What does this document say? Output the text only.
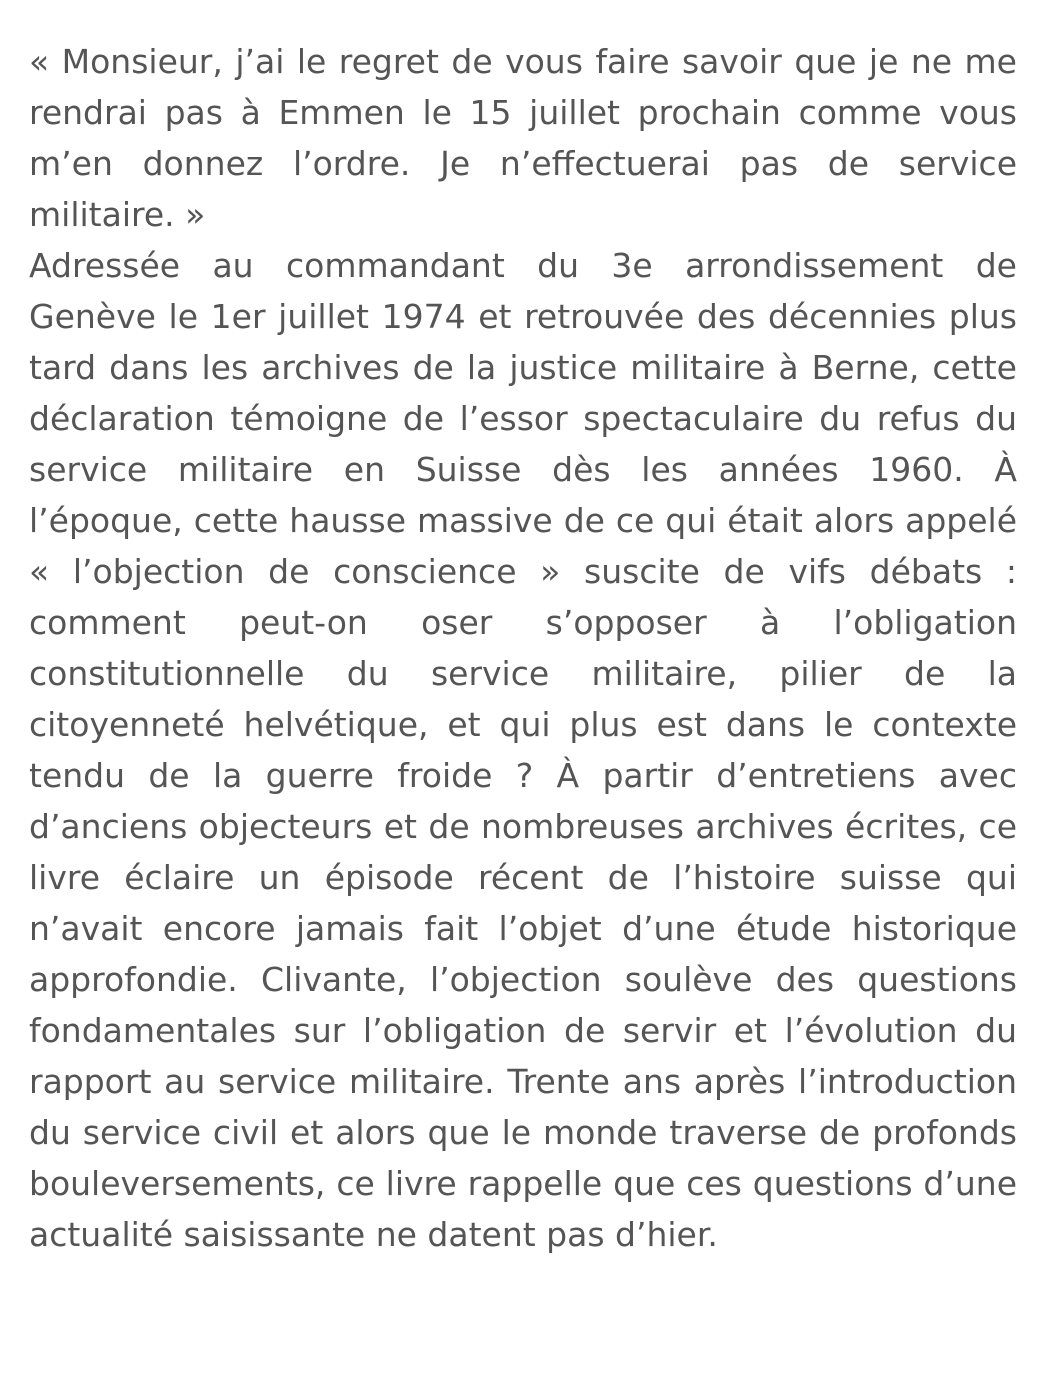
« Monsieur, j’ai le regret de vous faire savoir que je ne me rendrai pas à Emmen le 15 juillet prochain comme vous m’en donnez l’ordre. Je n’effectuerai pas de service militaire. »

Adressée au commandant du 3e arrondissement de Genève le 1er juillet 1974 et retrouvée des décennies plus tard dans les archives de la justice militaire à Berne, cette déclaration témoigne de l’essor spectaculaire du refus du service militaire en Suisse dès les années 1960. À l’époque, cette hausse massive de ce qui était alors appelé « l’objection de conscience » suscite de vifs débats : comment peut-on oser s’opposer à l’obligation constitutionnelle du service militaire, pilier de la citoyenneté helvétique, et qui plus est dans le contexte tendu de la guerre froide ? À partir d’entretiens avec d’anciens objecteurs et de nombreuses archives écrites, ce livre éclaire un épisode récent de l’histoire suisse qui n’avait encore jamais fait l’objet d’une étude historique approfondie. Clivante, l’objection soulève des questions fondamentales sur l’obligation de servir et l’évolution du rapport au service militaire. Trente ans après l’introduction du service civil et alors que le monde traverse de profonds bouleversements, ce livre rappelle que ces questions d’une actualité saisissante ne datent pas d’hier.
